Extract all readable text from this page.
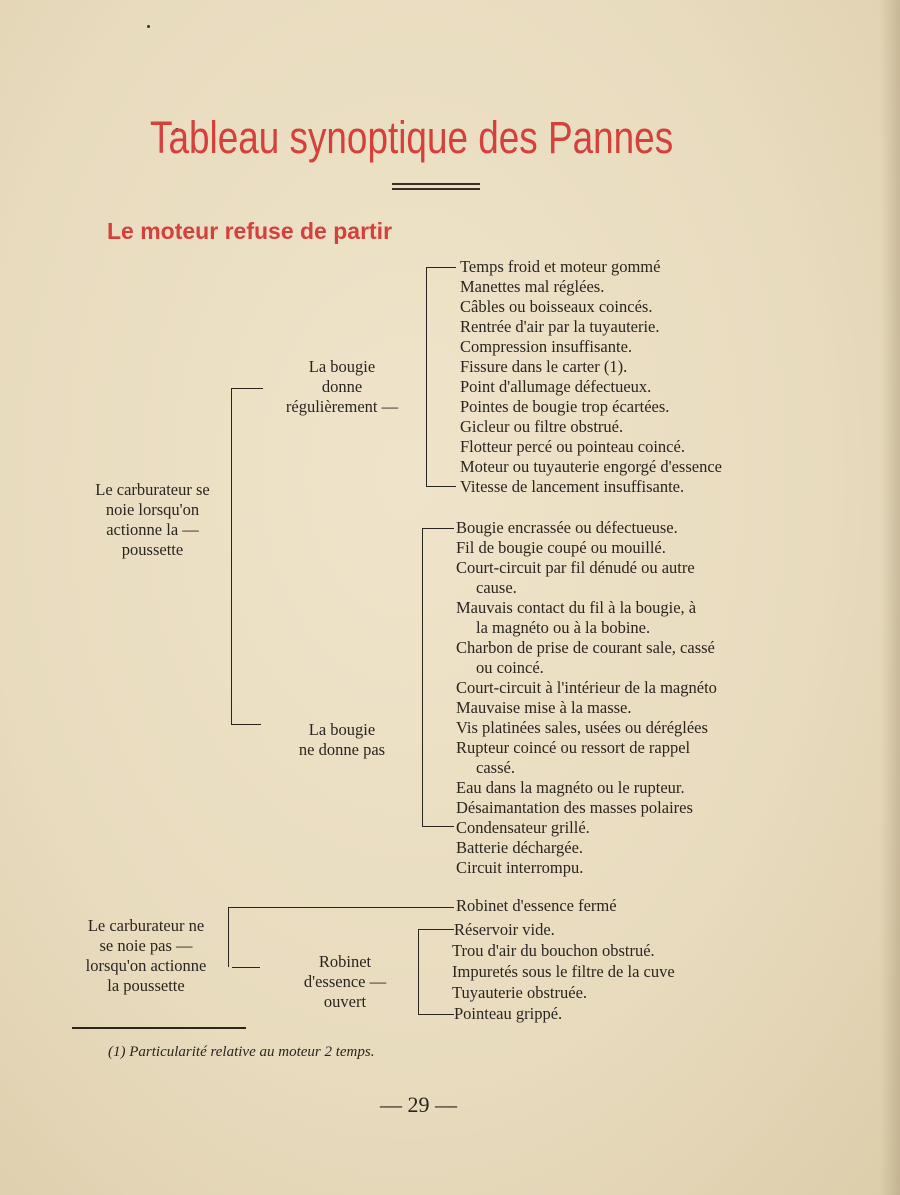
Tableau synoptique des Pannes
Le moteur refuse de partir
Le carburateur se
noie lorsqu'on
actionne la —
poussette
La bougie
donne
régulièrement —
Temps froid et moteur gommé
Manettes mal réglées.
Câbles ou boisseaux coincés.
Rentrée d'air par la tuyauterie.
Compression insuffisante.
Fissure dans le carter (1).
Point d'allumage défectueux.
Pointes de bougie trop écartées.
Gicleur ou filtre obstrué.
Flotteur percé ou pointeau coincé.
Moteur ou tuyauterie engorgé d'essence
Vitesse de lancement insuffisante.
La bougie
ne donne pas
Bougie encrassée ou défectueuse.
Fil de bougie coupé ou mouillé.
Court-circuit par fil dénudé ou autre
cause.
Mauvais contact du fil à la bougie, à
la magnéto ou à la bobine.
Charbon de prise de courant sale, cassé
ou coincé.
Court-circuit à l'intérieur de la magnéto
Mauvaise mise à la masse.
Vis platinées sales, usées ou déréglées
Rupteur coincé ou ressort de rappel
cassé.
Eau dans la magnéto ou le rupteur.
Désaimantation des masses polaires
Condensateur grillé.
Batterie déchargée.
Circuit interrompu.
Le carburateur ne
se noie pas —
lorsqu'on actionne
la poussette
Robinet d'essence fermé
Robinet
d'essence —
ouvert
Réservoir vide.
Trou d'air du bouchon obstrué.
Impuretés sous le filtre de la cuve
Tuyauterie obstruée.
Pointeau grippé.
(1) Particularité relative au moteur 2 temps.
— 29 —
